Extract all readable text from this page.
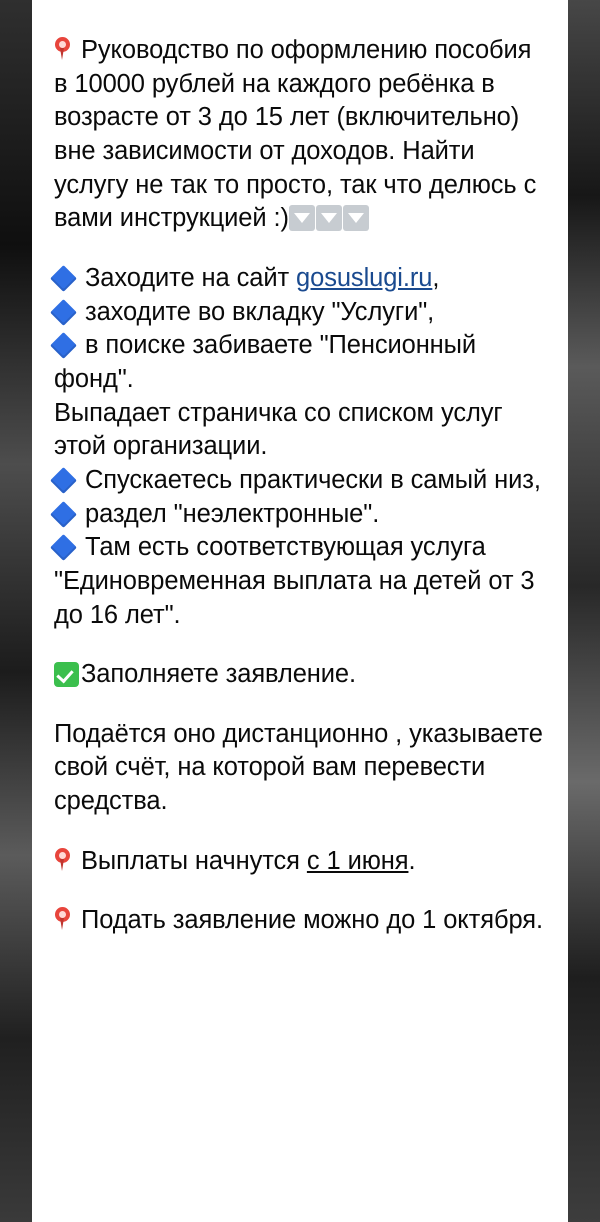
Руководство по оформлению пособия в 10000 рублей на каждого ребёнка в возрасте от 3 до 15 лет (включительно) вне зависимости от доходов. Найти услугу не так то просто, так что делюсь с вами инструкцией :)

Заходите на сайт gosuslugi.ru,
заходите во вкладку "Услуги",
в поиске забиваете "Пенсионный фонд".
Выпадает страничка со списком услуг этой организации.
Спускаетесь практически в самый низ,
раздел "неэлектронные".
Там есть соответствующая услуга "Единовременная выплата на детей от 3 до 16 лет".

Заполняете заявление.

Подаётся оно дистанционно , указываете свой счёт, на которой вам перевести средства.

Выплаты начнутся с 1 июня.

Подать заявление можно до 1 октября.
